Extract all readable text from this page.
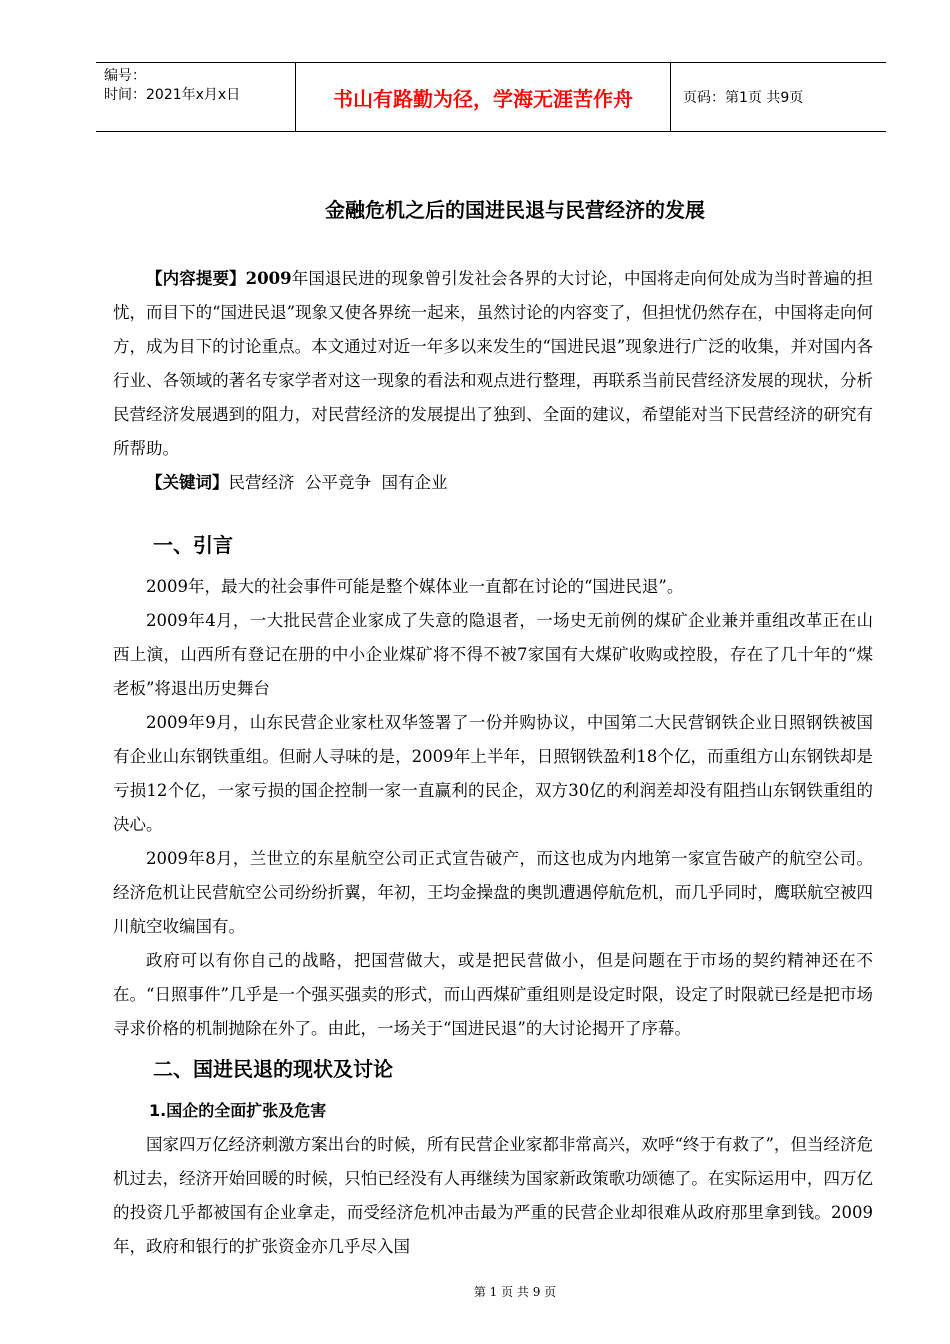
编号：
时间：2021年x月x日	书山有路勤为径，学海无涯苦作舟	页码：第1页 共9页
金融危机之后的国进民退与民营经济的发展

【内容提要】2009年国退民进的现象曾引发社会各界的大讨论，中国将走向何处成为当时普遍的担忧，而目下的“国进民退”现象又使各界统一起来，虽然讨论的内容变了，但担忧仍然存在，中国将走向何方，成为目下的讨论重点。本文通过对近一年多以来发生的“国进民退”现象进行广泛的收集，并对国内各行业、各领域的著名专家学者对这一现象的看法和观点进行整理，再联系当前民营经济发展的现状，分析民营经济发展遇到的阻力，对民营经济的发展提出了独到、全面的建议，希望能对当下民营经济的研究有所帮助。

【关键词】民营经济  公平竞争  国有企业

一、引言

2009年，最大的社会事件可能是整个媒体业一直都在讨论的“国进民退”。

2009年4月，一大批民营企业家成了失意的隐退者，一场史无前例的煤矿企业兼并重组改革正在山西上演，山西所有登记在册的中小企业煤矿将不得不被7家国有大煤矿收购或控股，存在了几十年的“煤老板”将退出历史舞台

2009年9月，山东民营企业家杜双华签署了一份并购协议，中国第二大民营钢铁企业日照钢铁被国有企业山东钢铁重组。但耐人寻味的是，2009年上半年，日照钢铁盈利18个亿，而重组方山东钢铁却是亏损12个亿，一家亏损的国企控制一家一直赢利的民企，双方30亿的利润差却没有阻挡山东钢铁重组的决心。

2009年8月，兰世立的东星航空公司正式宣告破产，而这也成为内地第一家宣告破产的航空公司。经济危机让民营航空公司纷纷折翼，年初，王均金操盘的奥凯遭遇停航危机，而几乎同时，鹰联航空被四川航空收编国有。

政府可以有你自己的战略，把国营做大，或是把民营做小，但是问题在于市场的契约精神还在不在。“日照事件”几乎是一个强买强卖的形式，而山西煤矿重组则是设定时限，设定了时限就已经是把市场寻求价格的机制抛除在外了。由此，一场关于“国进民退”的大讨论揭开了序幕。

二、国进民退的现状及讨论
1.国企的全面扩张及危害

国家四万亿经济刺激方案出台的时候，所有民营企业家都非常高兴，欢呼“终于有救了”，但当经济危机过去，经济开始回暖的时候，只怕已经没有人再继续为国家新政策歌功颂德了。在实际运用中，四万亿的投资几乎都被国有企业拿走，而受经济危机冲击最为严重的民营企业却很难从政府那里拿到钱。2009年，政府和银行的扩张资金亦几乎尽入国

第 1 页 共 9 页
